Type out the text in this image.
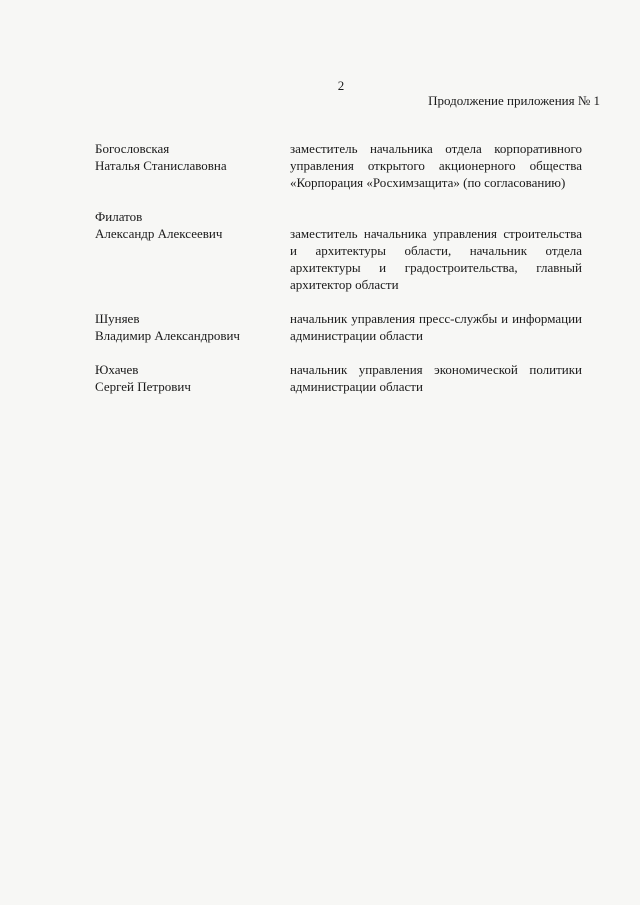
2
Продолжение приложения № 1
Богословская
Наталья Станиславовна
заместитель начальника отдела корпоративного управления открытого акционерного общества «Корпорация «Росхимзащита» (по согласованию)
Филатов
Александр Алексеевич	заместитель начальника управления строительства и архитектуры области, начальник отдела архитектуры и градостроительства, главный архитектор области
Шуняев
Владимир Александрович
начальник управления пресс-службы и информации администрации области
Юхачев
Сергей Петрович
начальник управления экономической политики администрации области
